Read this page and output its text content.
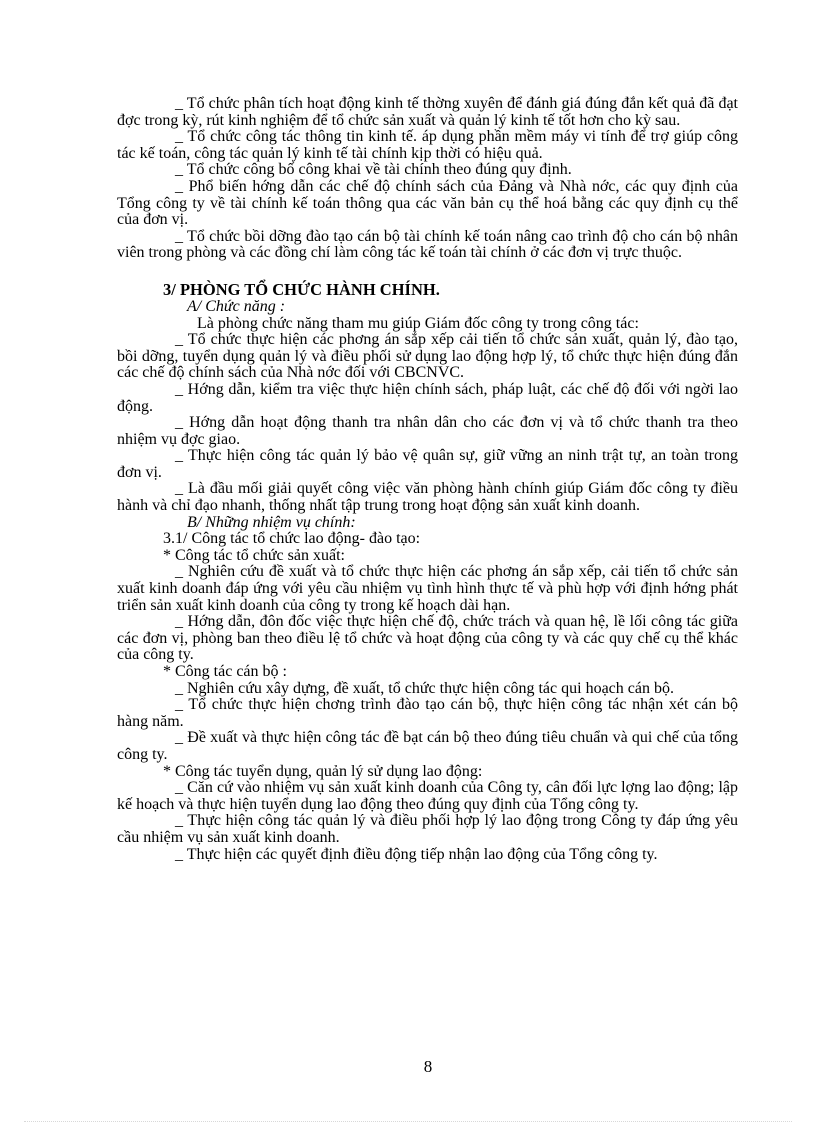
_ Tổ chức phân tích hoạt động kinh tế thờng xuyên để đánh giá đúng đắn kết quả đã đạt đợc trong kỳ, rút kinh nghiệm để tổ chức sản xuất và quản lý kinh tế tốt hơn cho kỳ sau.

_ Tổ chức công tác thông tin kinh tế. áp dụng phần mềm máy vi tính để trợ giúp công tác kế toán, công tác quản lý kinh tế tài chính kịp thời có hiệu quả.

_ Tổ chức công bố công khai về tài chính theo đúng quy định.

_ Phổ biến hớng dẫn các chế độ chính sách của Đảng và Nhà nớc, các quy định của Tổng công ty về tài chính kế toán thông qua các văn bản cụ thể hoá bằng các quy định cụ thể của đơn vị.

_ Tổ chức bồi dỡng đào tạo cán bộ tài chính kế toán nâng cao trình độ cho cán bộ nhân viên trong phòng và các đồng chí làm công tác kế toán tài chính ở các đơn vị trực thuộc.

3/ PHÒNG TỔ CHỨC HÀNH CHÍNH.

A/ Chức năng :

Là phòng chức năng tham mu giúp Giám đốc công ty trong công tác:

_ Tổ chức thực hiện các phơng án sắp xếp cải tiến tổ chức sản xuất, quản lý, đào tạo, bồi dỡng, tuyển dụng quản lý và điều phối sử dụng lao động hợp lý, tổ chức thực hiện đúng đắn các chế độ chính sách của Nhà nớc đối với CBCNVC.

_ Hớng dẫn, kiểm tra việc thực hiện chính sách, pháp luật, các chế độ đối với ngời lao động.

_ Hớng dẫn hoạt động thanh tra nhân dân cho các đơn vị và tổ chức thanh tra theo nhiệm vụ đợc giao.

_ Thực hiện công tác quản lý bảo vệ quân sự, giữ vững an ninh trật tự, an toàn trong đơn vị.

_ Là đầu mối giải quyết công việc văn phòng hành chính giúp Giám đốc công ty điều hành và chỉ đạo nhanh, thống nhất tập trung trong hoạt động sản xuất kinh doanh.

B/ Những nhiệm vụ chính:

3.1/ Công tác tổ chức lao động- đào tạo:

* Công tác tổ chức sản xuất:

_ Nghiên cứu đề xuất và tổ chức thực hiện các phơng án sắp xếp, cải tiến tổ chức sản xuất kinh doanh đáp ứng với yêu cầu nhiệm vụ tình hình thực tế và phù hợp với định hớng phát triển sản xuất kinh doanh của công ty trong kế hoạch dài hạn.

_ Hớng dẫn, đôn đốc việc thực hiện chế độ, chức trách và quan hệ, lề lối công tác giữa các đơn vị, phòng ban theo điều lệ tổ chức và hoạt động của công ty và các quy chế cụ thể khác của công ty.

* Công tác cán bộ :

_ Nghiên cứu xây dựng, đề xuất, tổ chức thực hiện công tác qui hoạch cán bộ.

_ Tổ chức thực hiện chơng trình đào tạo cán bộ, thực hiện công tác nhận xét cán bộ hàng năm.

_ Đề xuất và thực hiện công tác đề bạt cán bộ theo đúng tiêu chuẩn và qui chế của tổng công ty.

* Công tác tuyển dụng, quản lý sử dụng lao động:

_ Căn cứ vào nhiệm vụ sản xuất kinh doanh của Công ty, cân đối lực lợng lao động; lập kế hoạch và thực hiện tuyển dụng lao động theo đúng quy định của Tổng công ty.

_ Thực hiện công tác quản lý và điều phối hợp lý lao động trong Công ty đáp ứng yêu cầu nhiệm vụ sản xuất kinh doanh.

_ Thực hiện các quyết định điều động tiếp nhận lao động của Tổng công ty.

8
